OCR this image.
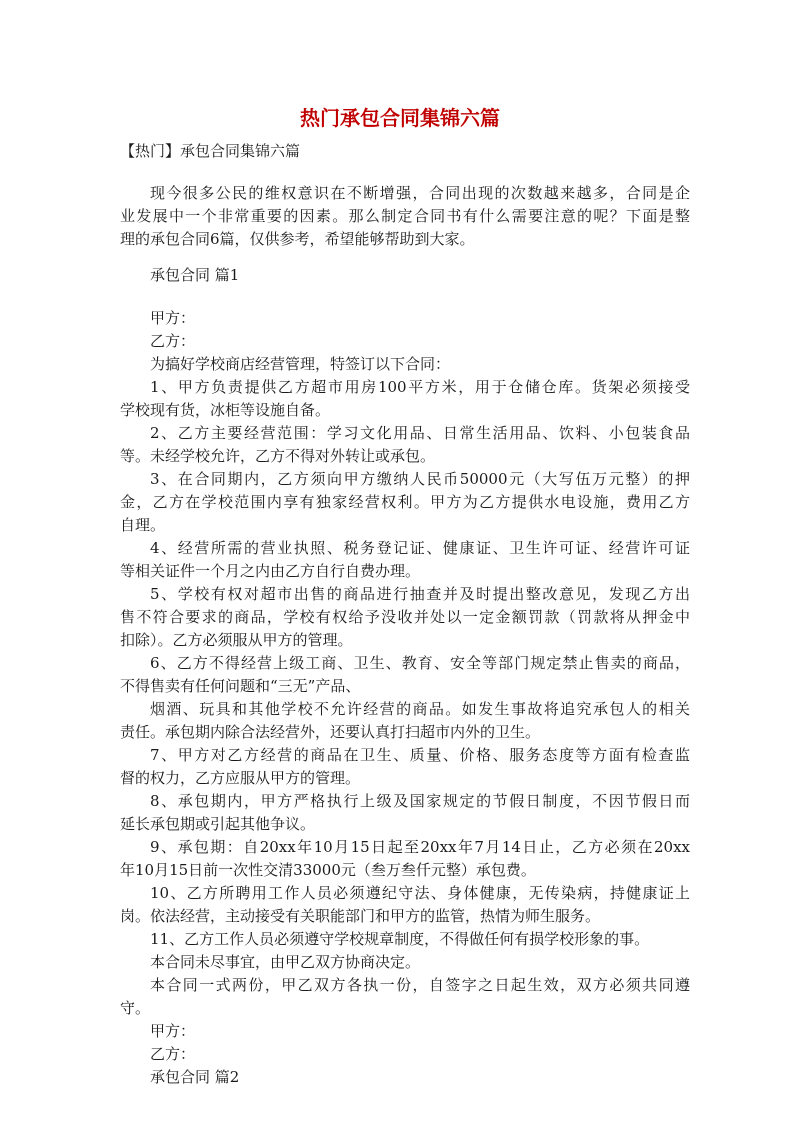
热门承包合同集锦六篇

【热门】承包合同集锦六篇

现今很多公民的维权意识在不断增强，合同出现的次数越来越多，合同是企

业发展中一个非常重要的因素。那么制定合同书有什么需要注意的呢？下面是整

理的承包合同6篇，仅供参考，希望能够帮助到大家。

承包合同 篇1

甲方：

乙方：

为搞好学校商店经营管理，特签订以下合同：

1、甲方负责提供乙方超市用房100平方米，用于仓储仓库。货架必须接受

学校现有货，冰柜等设施自备。

2、乙方主要经营范围：学习文化用品、日常生活用品、饮料、小包装食品

等。未经学校允许，乙方不得对外转让或承包。

3、在合同期内，乙方须向甲方缴纳人民币50000元（大写伍万元整）的押

金，乙方在学校范围内享有独家经营权利。甲方为乙方提供水电设施，费用乙方

自理。

4、经营所需的营业执照、税务登记证、健康证、卫生许可证、经营许可证

等相关证件一个月之内由乙方自行自费办理。

5、学校有权对超市出售的商品进行抽查并及时提出整改意见，发现乙方出

售不符合要求的商品，学校有权给予没收并处以一定金额罚款（罚款将从押金中

扣除）。乙方必须服从甲方的管理。

6、乙方不得经营上级工商、卫生、教育、安全等部门规定禁止售卖的商品，

不得售卖有任何问题和“三无”产品、

烟酒、玩具和其他学校不允许经营的商品。如发生事故将追究承包人的相关

责任。承包期内除合法经营外，还要认真打扫超市内外的卫生。

7、甲方对乙方经营的商品在卫生、质量、价格、服务态度等方面有检查监

督的权力，乙方应服从甲方的管理。

8、承包期内，甲方严格执行上级及国家规定的节假日制度，不因节假日而

延长承包期或引起其他争议。

9、承包期：自20xx年10月15日起至20xx年7月14日止，乙方必须在20xx

年10月15日前一次性交清33000元（叁万叁仟元整）承包费。

10、乙方所聘用工作人员必须遵纪守法、身体健康，无传染病，持健康证上

岗。依法经营，主动接受有关职能部门和甲方的监管，热情为师生服务。

11、乙方工作人员必须遵守学校规章制度，不得做任何有损学校形象的事。

本合同未尽事宜，由甲乙双方协商决定。

本合同一式两份，甲乙双方各执一份，自签字之日起生效，双方必须共同遵

守。

甲方：

乙方：

承包合同 篇2
